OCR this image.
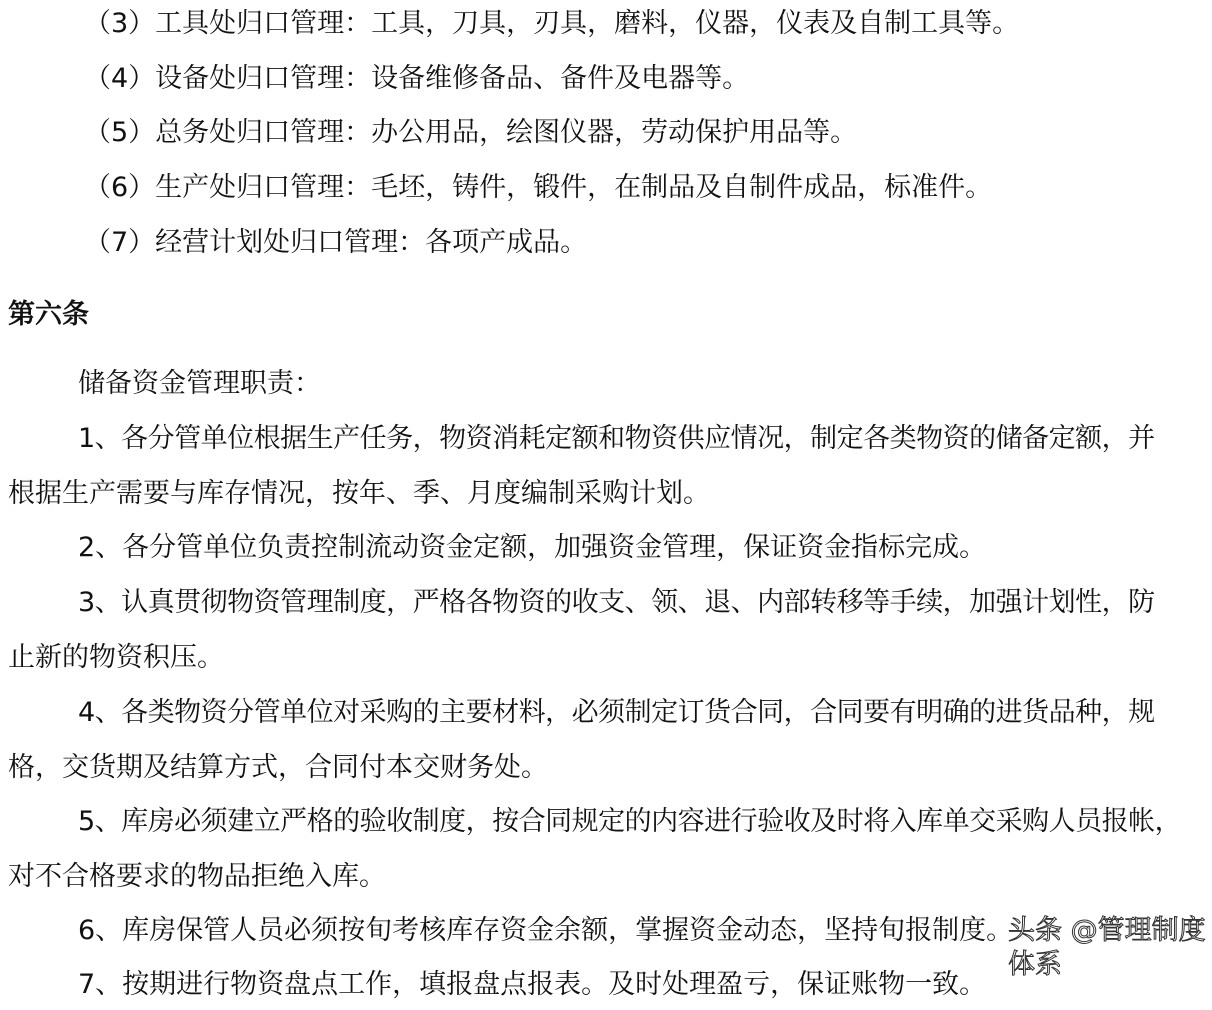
（3）工具处归口管理：工具，刀具，刃具，磨料，仪器，仪表及自制工具等。
（4）设备处归口管理：设备维修备品、备件及电器等。
（5）总务处归口管理：办公用品，绘图仪器，劳动保护用品等。
（6）生产处归口管理：毛坯，铸件，锻件，在制品及自制件成品，标准件。
（7）经营计划处归口管理：各项产成品。
第六条
储备资金管理职责：
1、各分管单位根据生产任务，物资消耗定额和物资供应情况，制定各类物资的储备定额，并
根据生产需要与库存情况，按年、季、月度编制采购计划。
2、各分管单位负责控制流动资金定额，加强资金管理，保证资金指标完成。
3、认真贯彻物资管理制度，严格各物资的收支、领、退、内部转移等手续，加强计划性，防
止新的物资积压。
4、各类物资分管单位对采购的主要材料，必须制定订货合同，合同要有明确的进货品种，规
格，交货期及结算方式，合同付本交财务处。
5、库房必须建立严格的验收制度，按合同规定的内容进行验收及时将入库单交采购人员报帐，
对不合格要求的物品拒绝入库。
6、库房保管人员必须按旬考核库存资金余额，掌握资金动态，坚持旬报制度。
7、按期进行物资盘点工作，填报盘点报表。及时处理盈亏，保证账物一致。
头条 @管理制度体系
